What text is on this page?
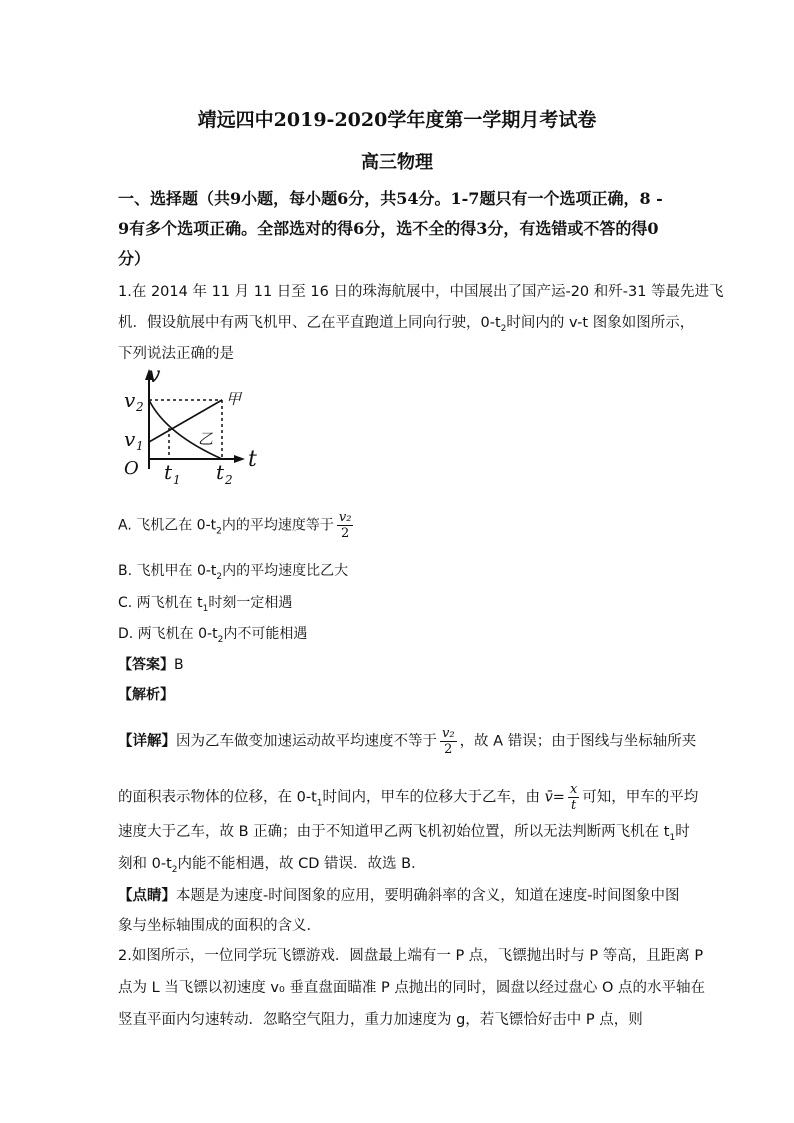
靖远四中2019-2020学年度第一学期月考试卷
高三物理
一、选择题（共9小题，每小题6分，共54分。1-7题只有一个选项正确，8 -
9有多个选项正确。全部选对的得6分，选不全的得3分，有选错或不答的得0
分）
1.在 2014 年 11 月 11 日至 16 日的珠海航展中，中国展出了国产运-20 和歼-31 等最先进飞
机．假设航展中有两飞机甲、乙在平直跑道上同向行驶，$0-t_2$时间内的 v-t 图象如图所示，
下列说法正确的是
v
t
O
v 2
v 1
t 1 t 2
甲
乙
A. 飞机乙在 $0-t_2$内的平均速度等于 $\frac{\text{v₂}}{2}$
B. 飞机甲在 $0-t_2$内的平均速度比乙大
C. 两飞机在 $t_1$时刻一定相遇
D. 两飞机在 $0-t_2$内不可能相遇
【答案】B
【解析】
【详解】因为乙车做变加速运动故平均速度不等于 $\frac{\text{v₂}}{2}$ ，故 A 错误；由于图线与坐标轴所夹
的面积表示物体的位移，在 $0-t_1$时间内，甲车的位移大于乙车，由 v̄= $\frac{x}{t}$ 可知，甲车的平均
速度大于乙车，故 B 正确；由于不知道甲乙两飞机初始位置，所以无法判断两飞机在 $t_1$时
刻和 $0-t_2$内能不能相遇，故 CD 错误．故选 B．
【点睛】本题是为速度-时间图象的应用，要明确斜率的含义，知道在速度-时间图象中图
象与坐标轴围成的面积的含义．
2.如图所示，一位同学玩飞镖游戏．圆盘最上端有一 P 点，飞镖抛出时与 P 等高，且距离 P
点为 L 当飞镖以初速度 v₀ 垂直盘面瞄准 P 点抛出的同时，圆盘以经过盘心 O 点的水平轴在
竖直平面内匀速转动．忽略空气阻力，重力加速度为 g，若飞镖恰好击中 P 点，则
